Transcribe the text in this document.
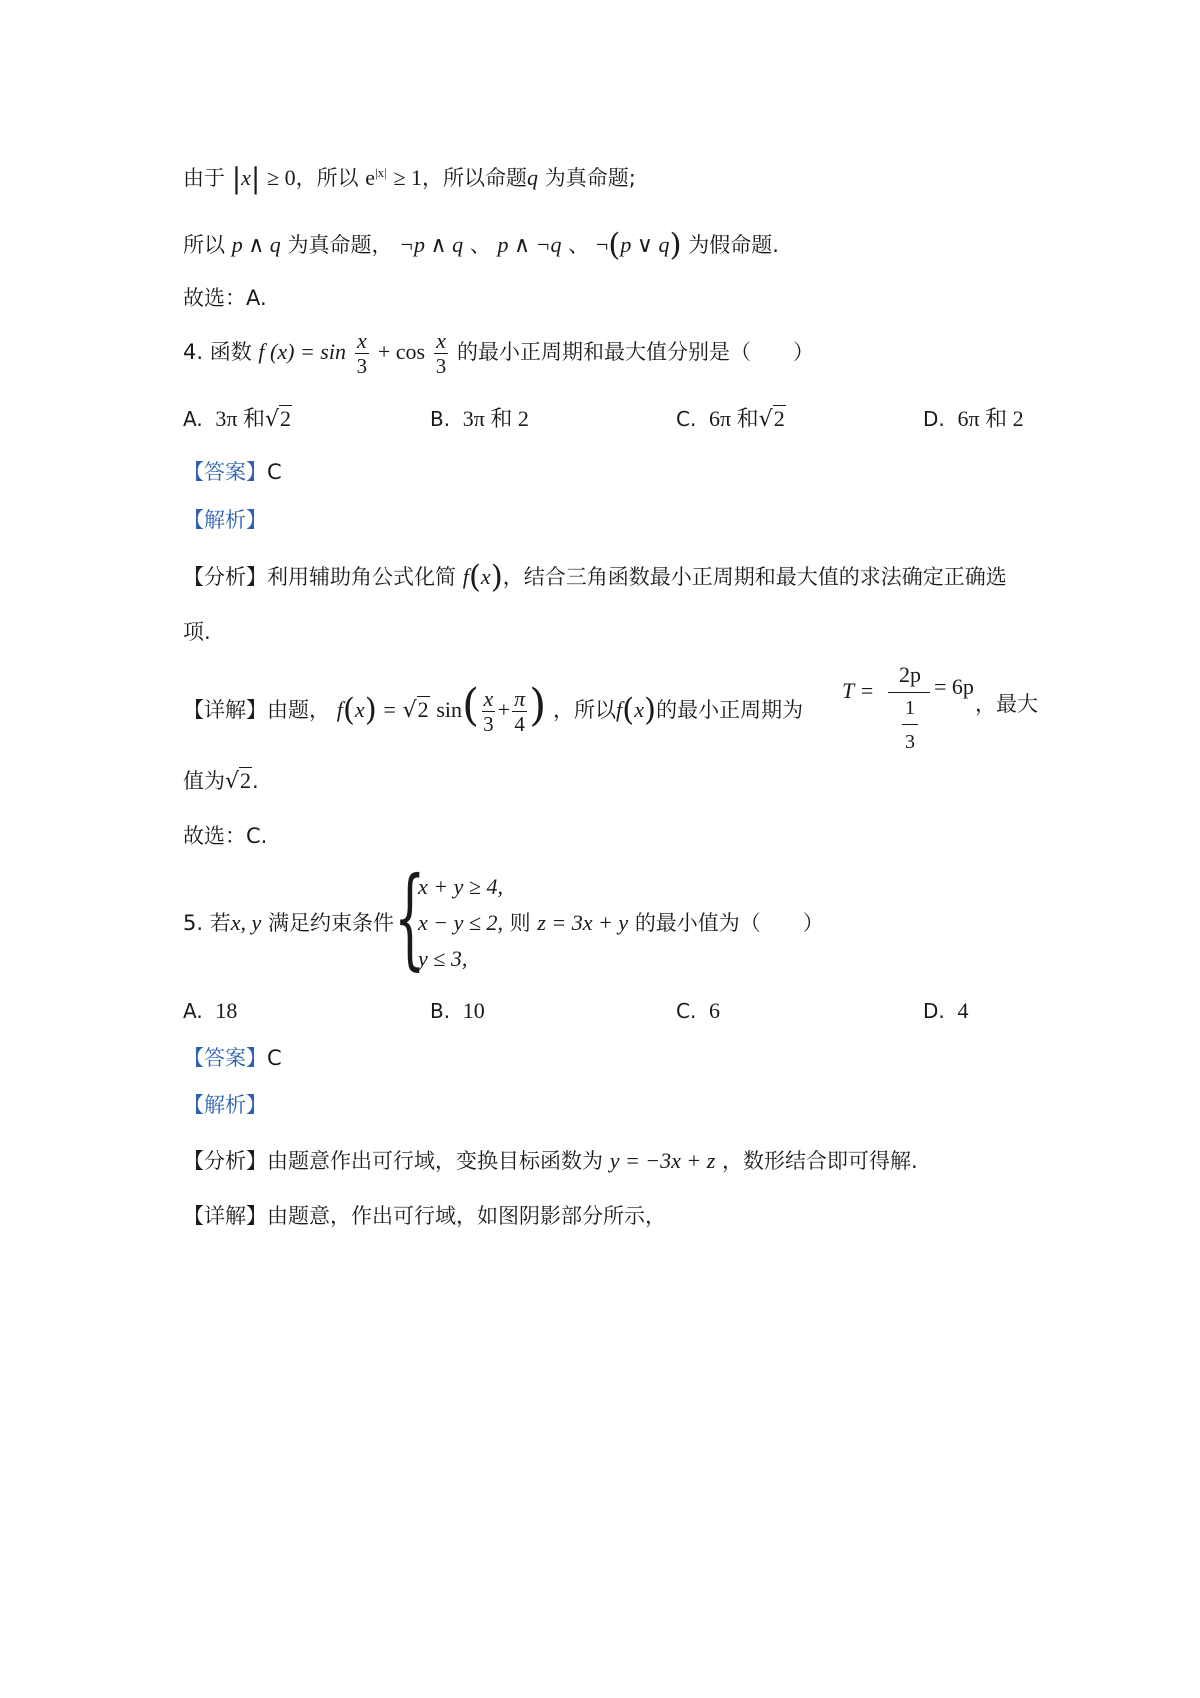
由于 |x| ≥ 0，所以 $e^{|x|} \ge 1$，所以命题q 为真命题;
所以 p ∧ q 为真命题， ¬p ∧ q 、 p ∧ ¬q 、 ¬(p ∨ q) 为假命题.
故选：A.
4. 函数 f $(x) = \sin \frac{x}{3} + \cos \frac{x}{3}$ 的最小正周期和最大值分别是（　　）
A. 3π 和√2	B. 3π 和 2	C. 6π 和√2	D. 6π 和 2
【答案】C
【解析】
【分析】利用辅助角公式化简 f(x)，结合三角函数最小正周期和最大值的求法确定正确选
项.
【详解】由题， f(x) = √2 $\sin( \frac{x}{3} + \frac{\pi}{4}$ ) ，所以f(x)的最小正周期为
T =
2p
1
3
= 6p
，最大
值为√2.
故选：C.
5. 若x, y 满足约束条件 {
x + y ≥ 4,
x − y ≤ 2, 则 z = 3x + y 的最小值为（　　）
y ≤ 3,
A. 18	B. 10	C. 6	D. 4
【答案】C
【解析】
【分析】由题意作出可行域，变换目标函数为 y = −3x + z ，数形结合即可得解.
【详解】由题意，作出可行域，如图阴影部分所示，
